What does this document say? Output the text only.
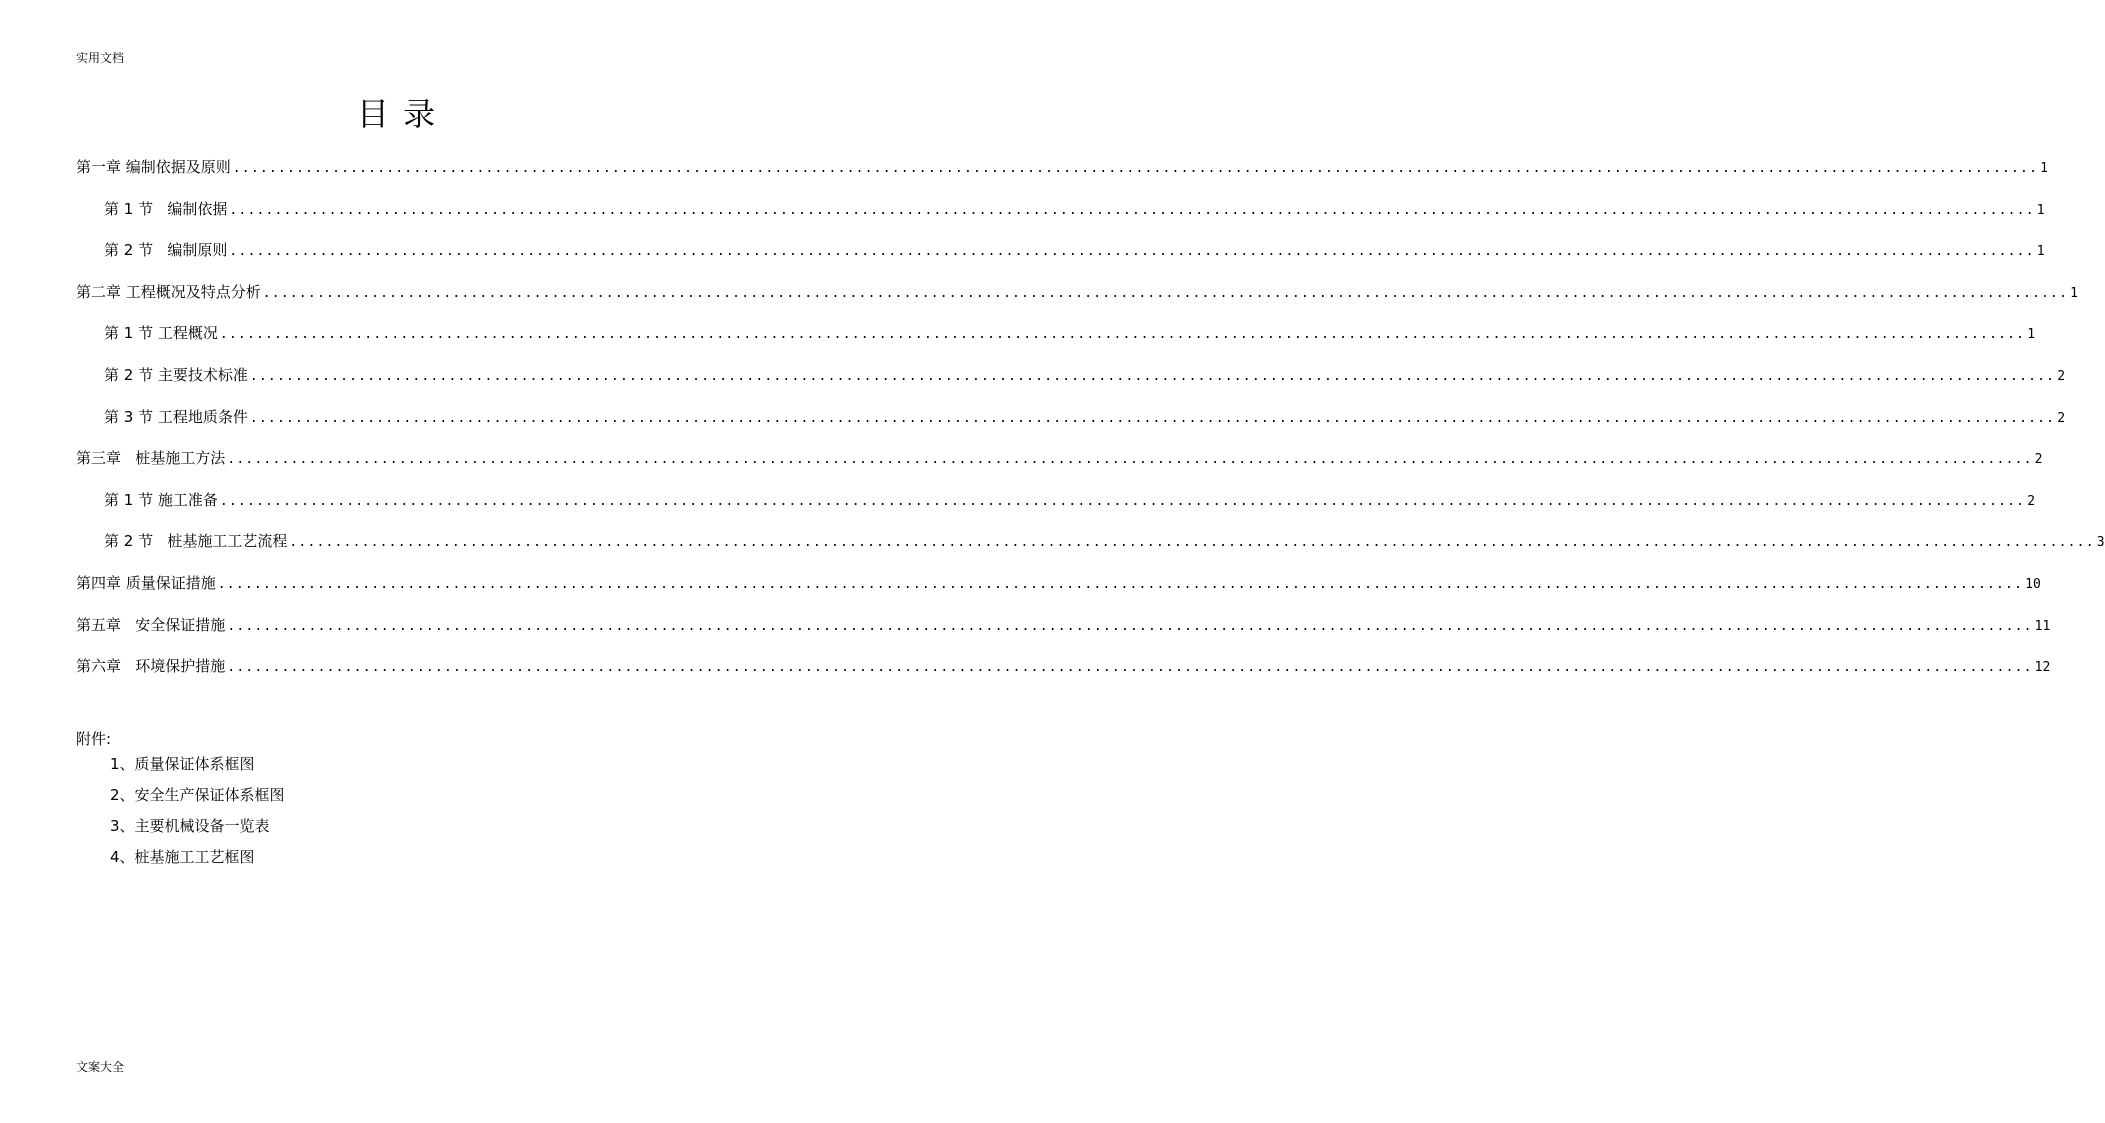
实用文档
目 录
第一章 编制依据及原则 ........................................................................................................................................................................................................ 1
第 1 节   编制依据 ........................................................................................................................................................................................................ 1
第 2 节   编制原则 ........................................................................................................................................................................................................ 1
第二章 工程概况及特点分析 ........................................................................................................................................................................................................ 1
第 1 节 工程概况 ........................................................................................................................................................................................................ 1
第 2 节 主要技术标准 ........................................................................................................................................................................................................ 2
第 3 节 工程地质条件 ........................................................................................................................................................................................................ 2
第三章   桩基施工方法 ........................................................................................................................................................................................................ 2
第 1 节 施工准备 ........................................................................................................................................................................................................ 2
第 2 节   桩基施工工艺流程 ........................................................................................................................................................................................................ 3
第四章 质量保证措施 ........................................................................................................................................................................................................ 10
第五章   安全保证措施 ........................................................................................................................................................................................................ 11
第六章   环境保护措施 ........................................................................................................................................................................................................ 12
附件:
1、质量保证体系框图
2、安全生产保证体系框图
3、主要机械设备一览表
4、桩基施工工艺框图
文案大全
